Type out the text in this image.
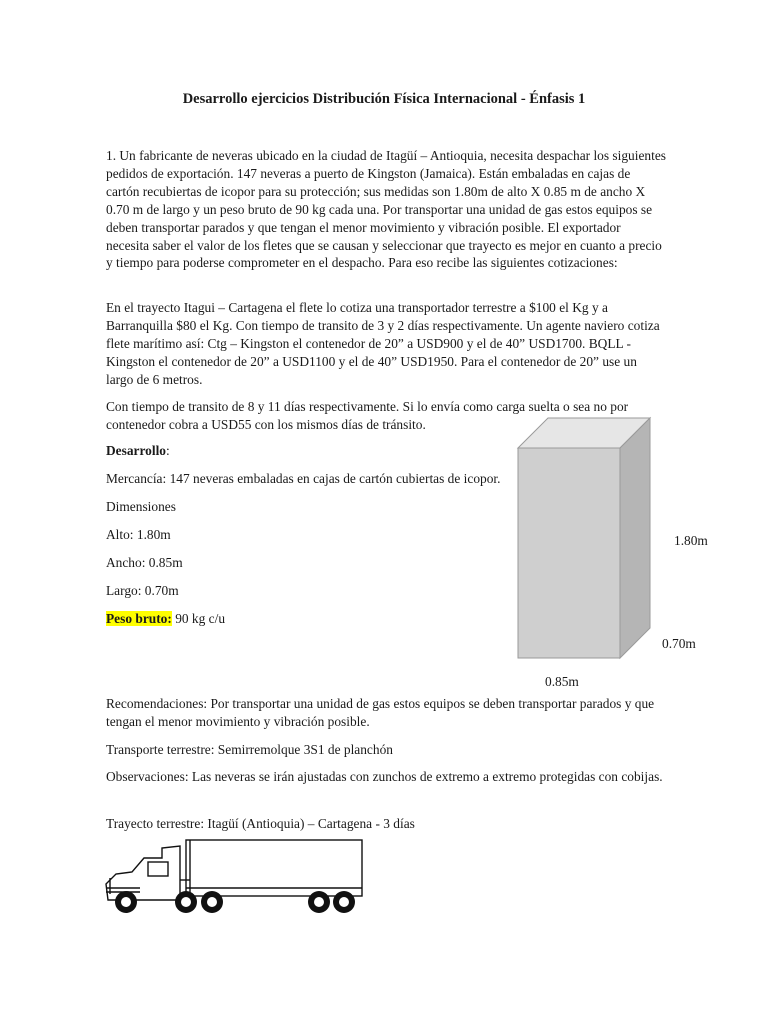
Desarrollo ejercicios Distribución Física Internacional - Énfasis 1

1. Un fabricante de neveras ubicado en la ciudad de Itagüí – Antioquia, necesita despachar los siguientes pedidos de exportación. 147 neveras a puerto de Kingston (Jamaica). Están embaladas en cajas de cartón recubiertas de icopor para su protección; sus medidas son 1.80m de alto X 0.85 m de ancho X 0.70 m de largo y un peso bruto de 90 kg cada una. Por transportar una unidad de gas estos equipos se deben transportar parados y que tengan el menor movimiento y vibración posible. El exportador necesita saber el valor de los fletes que se causan y seleccionar que trayecto es mejor en cuanto a precio y tiempo para poderse comprometer en el despacho. Para eso recibe las siguientes cotizaciones:

En el trayecto Itagui – Cartagena el flete lo cotiza una transportador terrestre a $100 el Kg y a Barranquilla $80 el Kg. Con tiempo de transito de 3 y 2 días respectivamente. Un agente naviero cotiza flete marítimo así: Ctg – Kingston el contenedor de 20” a USD900 y el de 40” USD1700. BQLL - Kingston el contenedor de 20” a USD1100 y el de 40” USD1950. Para el contenedor de 20” use un largo de 6 metros.

Con tiempo de transito de 8 y 11 días respectivamente. Si lo envía como carga suelta o sea no por contenedor cobra a USD55 con los mismos días de tránsito.

Desarrollo:
Mercancía: 147 neveras embaladas en cajas de cartón cubiertas de icopor.
Dimensiones
Alto: 1.80m
Ancho: 0.85m
Largo: 0.70m
Peso bruto: 90 kg c/u
1.80m
0.70m
0.85m

Recomendaciones: Por transportar una unidad de gas estos equipos se deben transportar parados y que tengan el menor movimiento y vibración posible.

Transporte terrestre: Semirremolque 3S1 de planchón

Observaciones: Las neveras se irán ajustadas con zunchos de extremo a extremo protegidas con cobijas.

Trayecto terrestre: Itagüí (Antioquia) – Cartagena - 3 días
